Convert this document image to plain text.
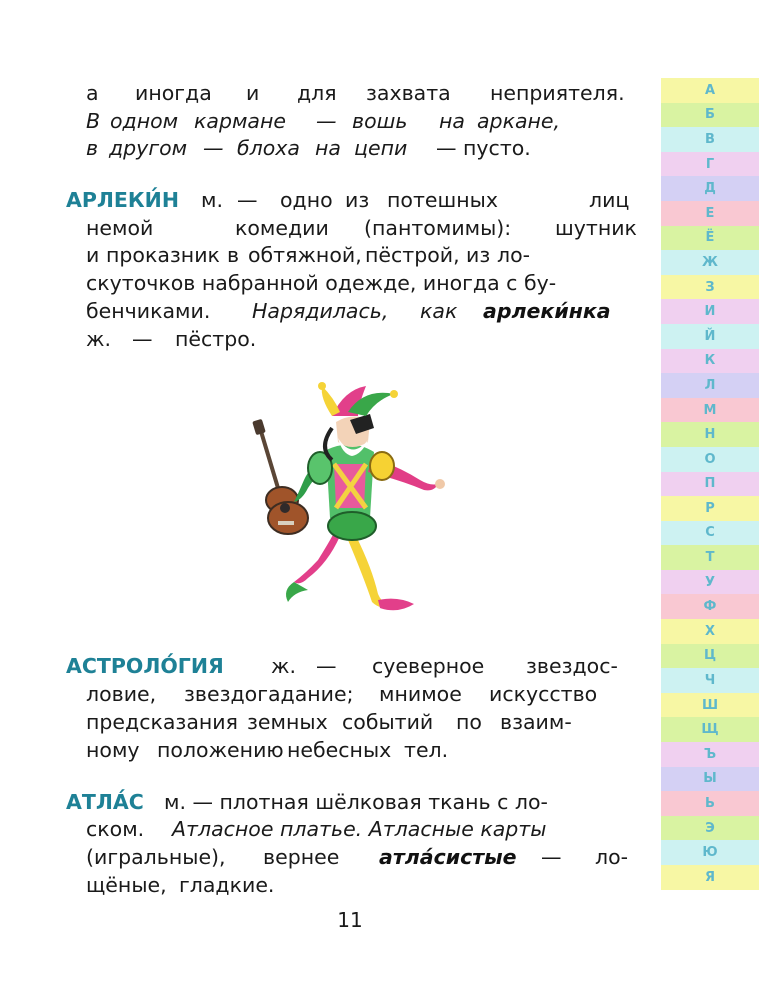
а иногда и для захвата неприятеля.
В одном кармане — вошь на аркане,
в другом — блоха на цепи — пусто.
АРЛЕКИ́Н м. — одно из потешных	лиц
немой	комедии (пантомимы): шутник
и проказник в обтяжной, пёстрой, из ло-
скуточков набранной одежде, иногда с бу-
бенчиками. Нарядилась, как арлеки́нка
ж. — пёстро.
АСТРОЛО́ГИЯ ж. — суеверное звездос-
ловие, звездогадание; мнимое искусство
предсказания земных событий по взаим-
ному положению небесных тел.
АТЛА́С м. — плотная шёлковая ткань с ло-
ском. Атласное платье. Атласные карты
(игральные), вернее атла́систые — ло-
щёные, гладкие.
11
А
Б
В
Г
Д
Е
Ё
Ж
З
И
Й
К
Л
М
Н
О
П
Р
С
Т
У
Ф
Х
Ц
Ч
Ш
Щ
Ъ
Ы
Ь
Э
Ю
Я
